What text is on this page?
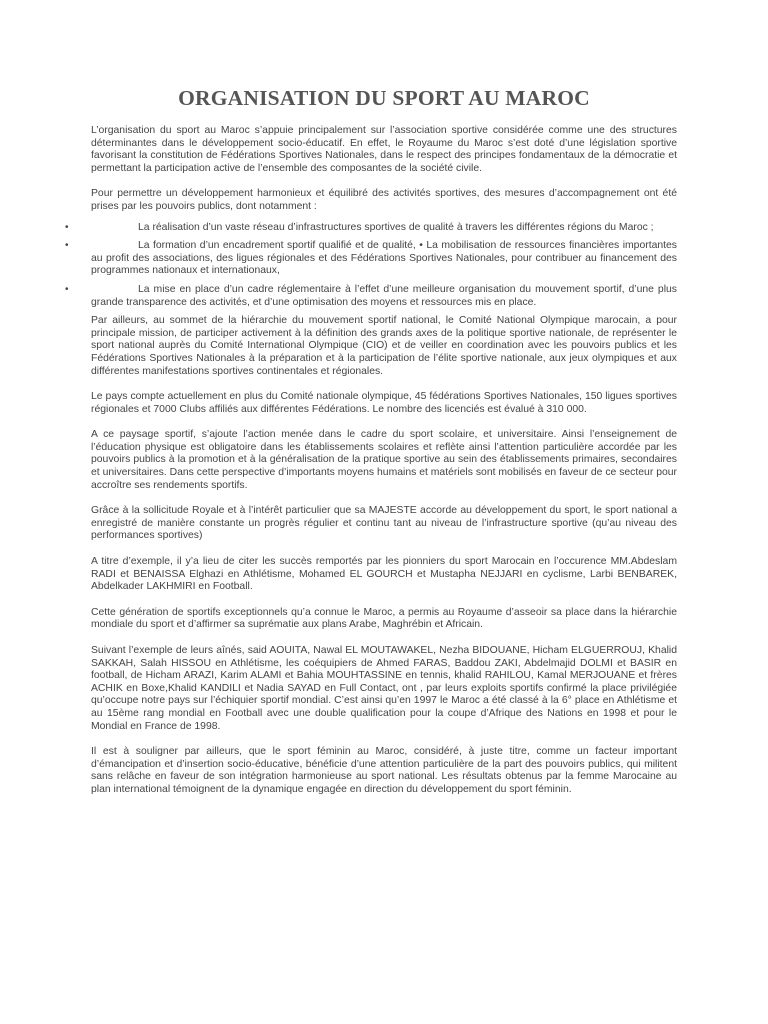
ORGANISATION DU SPORT AU MAROC

L’organisation du sport au Maroc s’appuie principalement sur l’association sportive considérée comme une des structures déterminantes dans le développement socio-éducatif. En effet, le Royaume du Maroc s’est doté d’une législation sportive favorisant la constitution de Fédérations Sportives Nationales, dans le respect des principes fondamentaux de la démocratie et permettant la participation active de l’ensemble des composantes de la société civile.

Pour permettre un développement harmonieux et équilibré des activités sportives, des mesures d’accompagnement ont été prises par les pouvoirs publics, dont notamment :

•	La réalisation d’un vaste réseau d’infrastructures sportives de qualité à travers les différentes régions du Maroc ;
•	La formation d’un encadrement sportif qualifié et de qualité, • La mobilisation de ressources financières importantes au profit des associations, des ligues régionales et des Fédérations Sportives Nationales, pour contribuer au financement des programmes nationaux et internationaux,
•	La mise en place d’un cadre réglementaire à l’effet d’une meilleure organisation du mouvement sportif, d’une plus grande transparence des activités, et d’une optimisation des moyens et ressources mis en place.

Par ailleurs, au sommet de la hiérarchie du mouvement sportif national, le Comité National Olympique marocain, a pour principale mission, de participer activement à la définition des grands axes de la politique sportive nationale, de représenter le sport national auprès du Comité International Olympique (CIO) et de veiller en coordination avec les pouvoirs publics et les Fédérations Sportives Nationales à la préparation et à la participation de l’élite sportive nationale, aux jeux olympiques et aux différentes manifestations sportives continentales et régionales.

Le pays compte actuellement en plus du Comité nationale olympique, 45 fédérations Sportives Nationales, 150 ligues sportives régionales et 7000 Clubs affiliés aux différentes Fédérations. Le nombre des licenciés est évalué à 310 000.

A ce paysage sportif, s’ajoute l’action menée dans le cadre du sport scolaire, et universitaire. Ainsi l’enseignement de l’éducation physique est obligatoire dans les établissements scolaires et reflète ainsi l’attention particulière accordée par les pouvoirs publics à la promotion et à la généralisation de la pratique sportive au sein des établissements primaires, secondaires et universitaires. Dans cette perspective d’importants moyens humains et matériels sont mobilisés en faveur de ce secteur pour accroître ses rendements sportifs.

Grâce à la sollicitude Royale et à l’intérêt particulier que sa MAJESTE accorde au développement du sport, le sport national a enregistré de manière constante un progrès régulier et continu tant au niveau de l’infrastructure sportive (qu’au niveau des performances sportives)

A titre d’exemple, il y’a lieu de citer les succès remportés par les pionniers du sport Marocain en l’occurence MM.Abdeslam RADI et BENAISSA Elghazi en Athlétisme, Mohamed EL GOURCH et Mustapha NEJJARI en cyclisme, Larbi BENBAREK, Abdelkader LAKHMIRI en Football.

Cette génération de sportifs exceptionnels qu’a connue le Maroc, a permis au Royaume d’asseoir sa place dans la hiérarchie mondiale du sport et d’affirmer sa suprématie aux plans Arabe, Maghrébin et Africain.

Suivant l’exemple de leurs aînés, said AOUITA, Nawal EL MOUTAWAKEL, Nezha BIDOUANE, Hicham ELGUERROUJ, Khalid SAKKAH, Salah HISSOU en Athlétisme, les coéquipiers de Ahmed FARAS, Baddou ZAKI, Abdelmajid DOLMI et BASIR en football, de Hicham ARAZI, Karim ALAMI et Bahia MOUHTASSINE en tennis, khalid RAHILOU, Kamal MERJOUANE et frères ACHIK en Boxe,Khalid KANDILI et Nadia SAYAD en Full Contact, ont , par leurs exploits sportifs confirmé la place privilégiée qu’occupe notre pays sur l’échiquier sportif mondial. C’est ainsi qu’en 1997 le Maroc a été classé à la 6° place en Athlétisme et au 15ème rang mondial en Football avec une double qualification pour la coupe d’Afrique des Nations en 1998 et pour le Mondial en France de 1998.

Il est à souligner par ailleurs, que le sport féminin au Maroc, considéré, à juste titre, comme un facteur important d’émancipation et d’insertion socio-éducative, bénéficie d’une attention particulière de la part des pouvoirs publics, qui militent sans relâche en faveur de son intégration harmonieuse au sport national. Les résultats obtenus par la femme Marocaine au plan international témoignent de la dynamique engagée en direction du développement du sport féminin.
